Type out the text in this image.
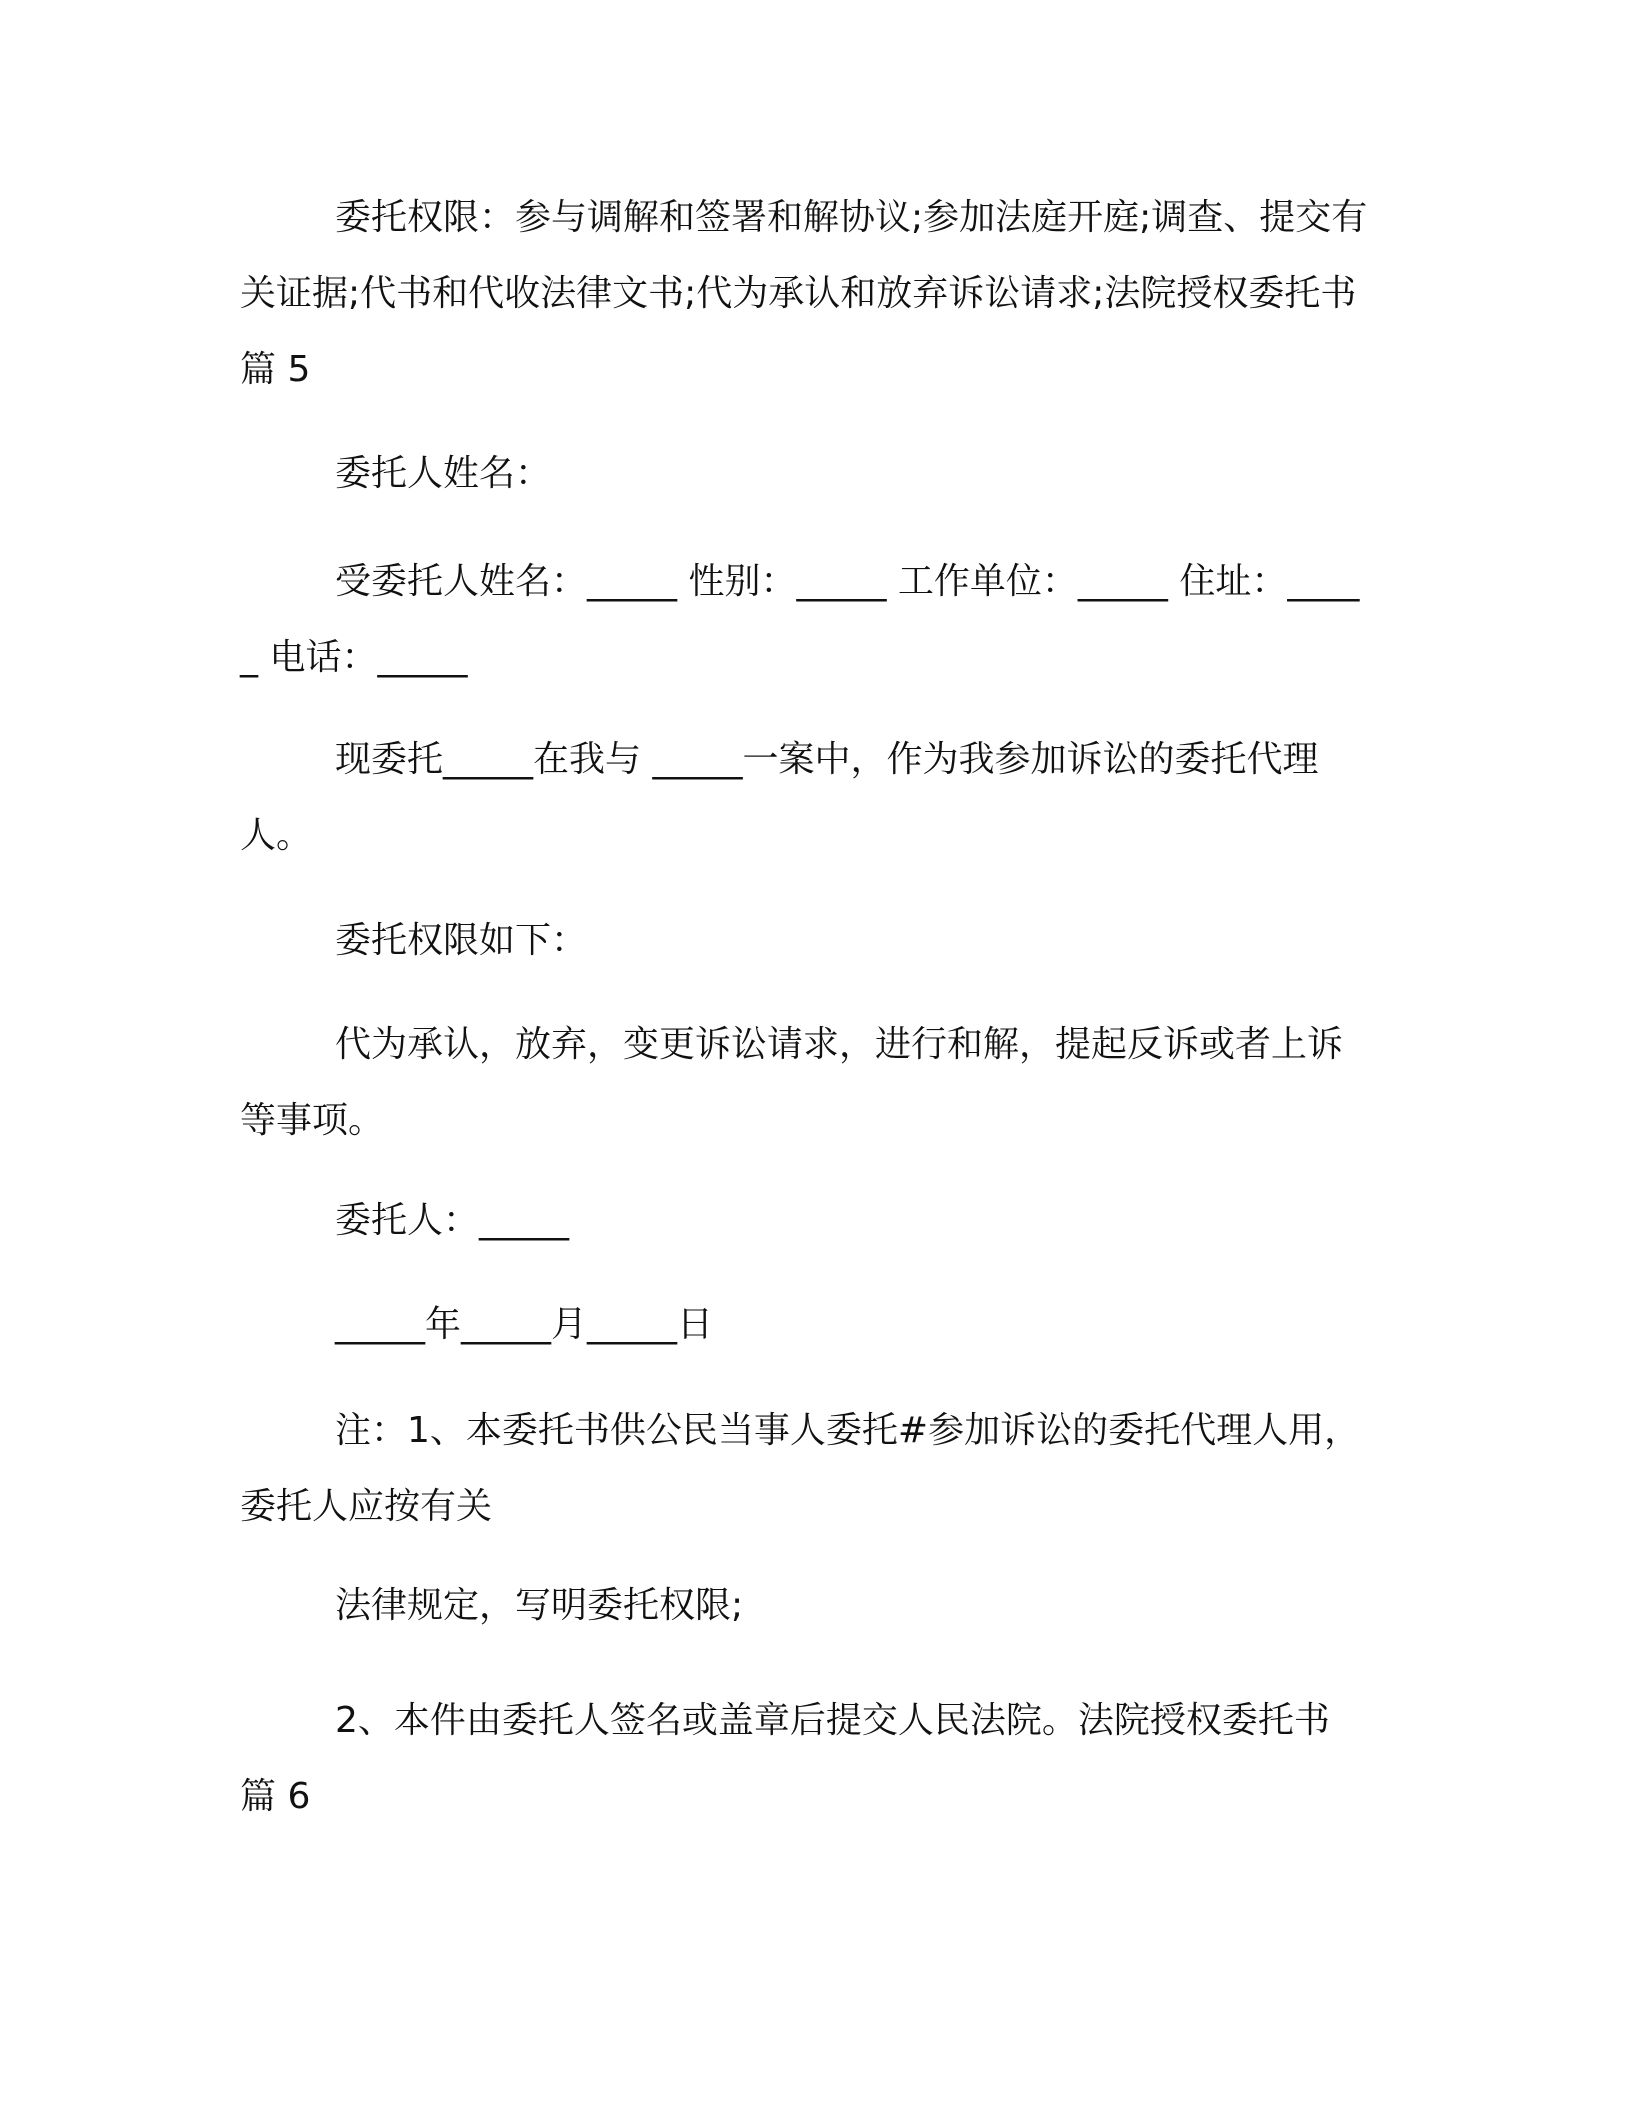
委托权限：参与调解和签署和解协议;参加法庭开庭;调查、提交有关证据;代书和代收法律文书;代为承认和放弃诉讼请求;法院授权委托书 篇 5

委托人姓名：

受委托人姓名：_____ 性别：_____ 工作单位：_____ 住址：_____ 电话：_____

现委托_____在我与 _____一案中，作为我参加诉讼的委托代理人。

委托权限如下：

代为承认，放弃，变更诉讼请求，进行和解，提起反诉或者上诉等事项。

委托人：_____

_____年_____月_____日

注：1、本委托书供公民当事人委托#参加诉讼的委托代理人用，委托人应按有关

法律规定，写明委托权限;

2、本件由委托人签名或盖章后提交人民法院。法院授权委托书 篇 6
